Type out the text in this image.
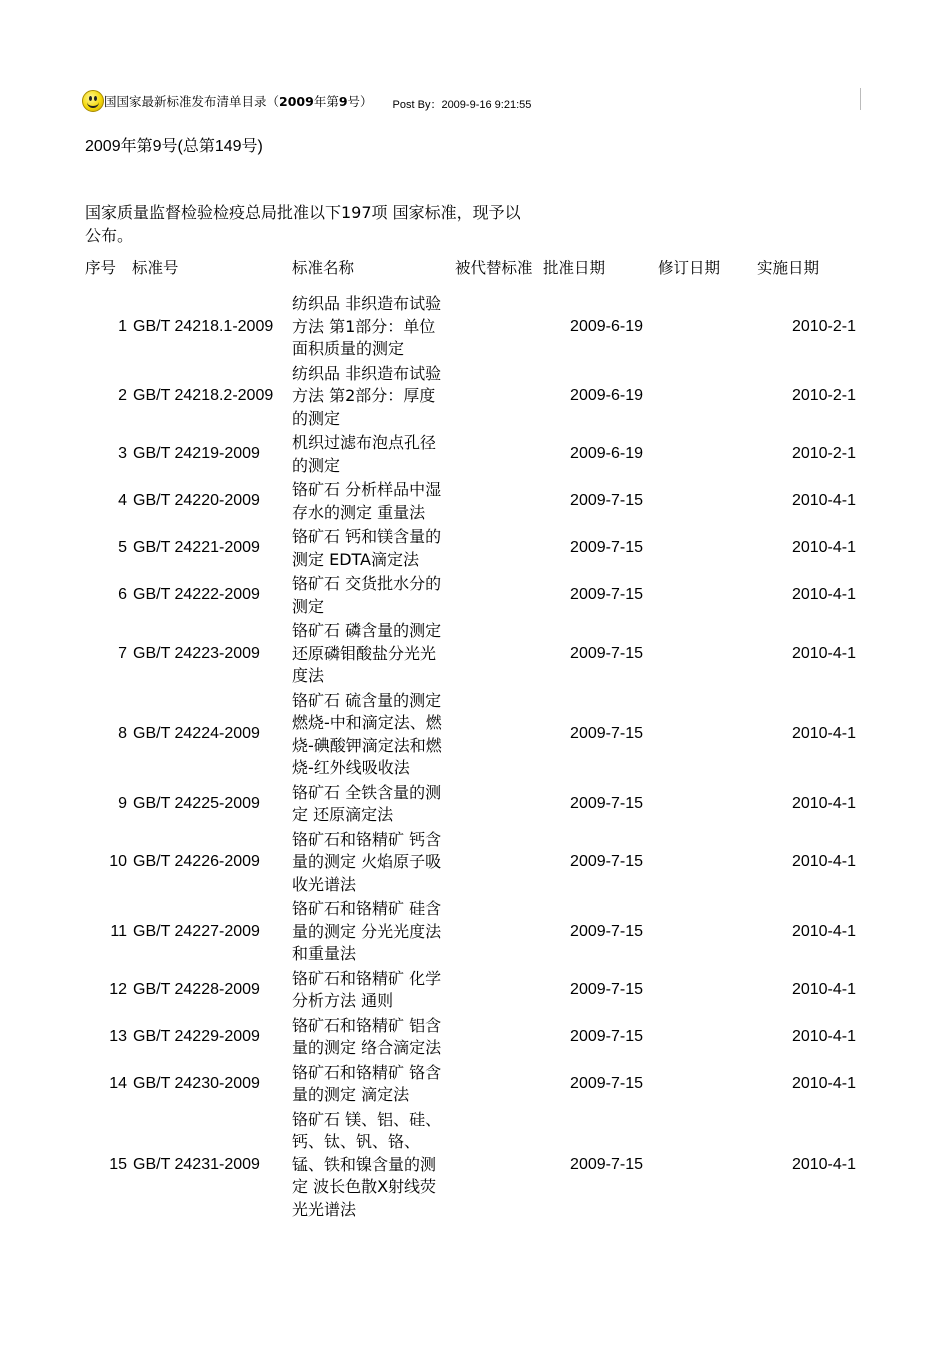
国国家最新标准发布清单目录（2009年第9号） Post By：2009-9-16 9:21:55
2009年第9号(总第149号)
国家质量监督检验检疫总局批准以下197项 国家标准，现予以公布。
序号	标准号	标准名称	被代替标准	批准日期	修订日期	实施日期
1	GB/T 24218.1-2009	纺织品 非织造布试验方法 第1部分：单位面积质量的测定		2009-6-19		2010-2-1
2	GB/T 24218.2-2009	纺织品 非织造布试验方法 第2部分：厚度的测定		2009-6-19		2010-2-1
3	GB/T 24219-2009	机织过滤布泡点孔径的测定		2009-6-19		2010-2-1
4	GB/T 24220-2009	铬矿石 分析样品中湿存水的测定 重量法		2009-7-15		2010-4-1
5	GB/T 24221-2009	铬矿石 钙和镁含量的测定 EDTA滴定法		2009-7-15		2010-4-1
6	GB/T 24222-2009	铬矿石 交货批水分的测定		2009-7-15		2010-4-1
7	GB/T 24223-2009	铬矿石 磷含量的测定 还原磷钼酸盐分光光度法		2009-7-15		2010-4-1
8	GB/T 24224-2009	铬矿石 硫含量的测定 燃烧-中和滴定法、燃烧-碘酸钾滴定法和燃烧-红外线吸收法		2009-7-15		2010-4-1
9	GB/T 24225-2009	铬矿石 全铁含量的测定 还原滴定法		2009-7-15		2010-4-1
10	GB/T 24226-2009	铬矿石和铬精矿 钙含量的测定 火焰原子吸收光谱法		2009-7-15		2010-4-1
11	GB/T 24227-2009	铬矿石和铬精矿 硅含量的测定 分光光度法和重量法		2009-7-15		2010-4-1
12	GB/T 24228-2009	铬矿石和铬精矿 化学分析方法 通则		2009-7-15		2010-4-1
13	GB/T 24229-2009	铬矿石和铬精矿 铝含量的测定 络合滴定法		2009-7-15		2010-4-1
14	GB/T 24230-2009	铬矿石和铬精矿 铬含量的测定 滴定法		2009-7-15		2010-4-1
15	GB/T 24231-2009	铬矿石 镁、铝、硅、钙、钛、钒、铬、锰、铁和镍含量的测定 波长色散X射线荧光光谱法		2009-7-15		2010-4-1
